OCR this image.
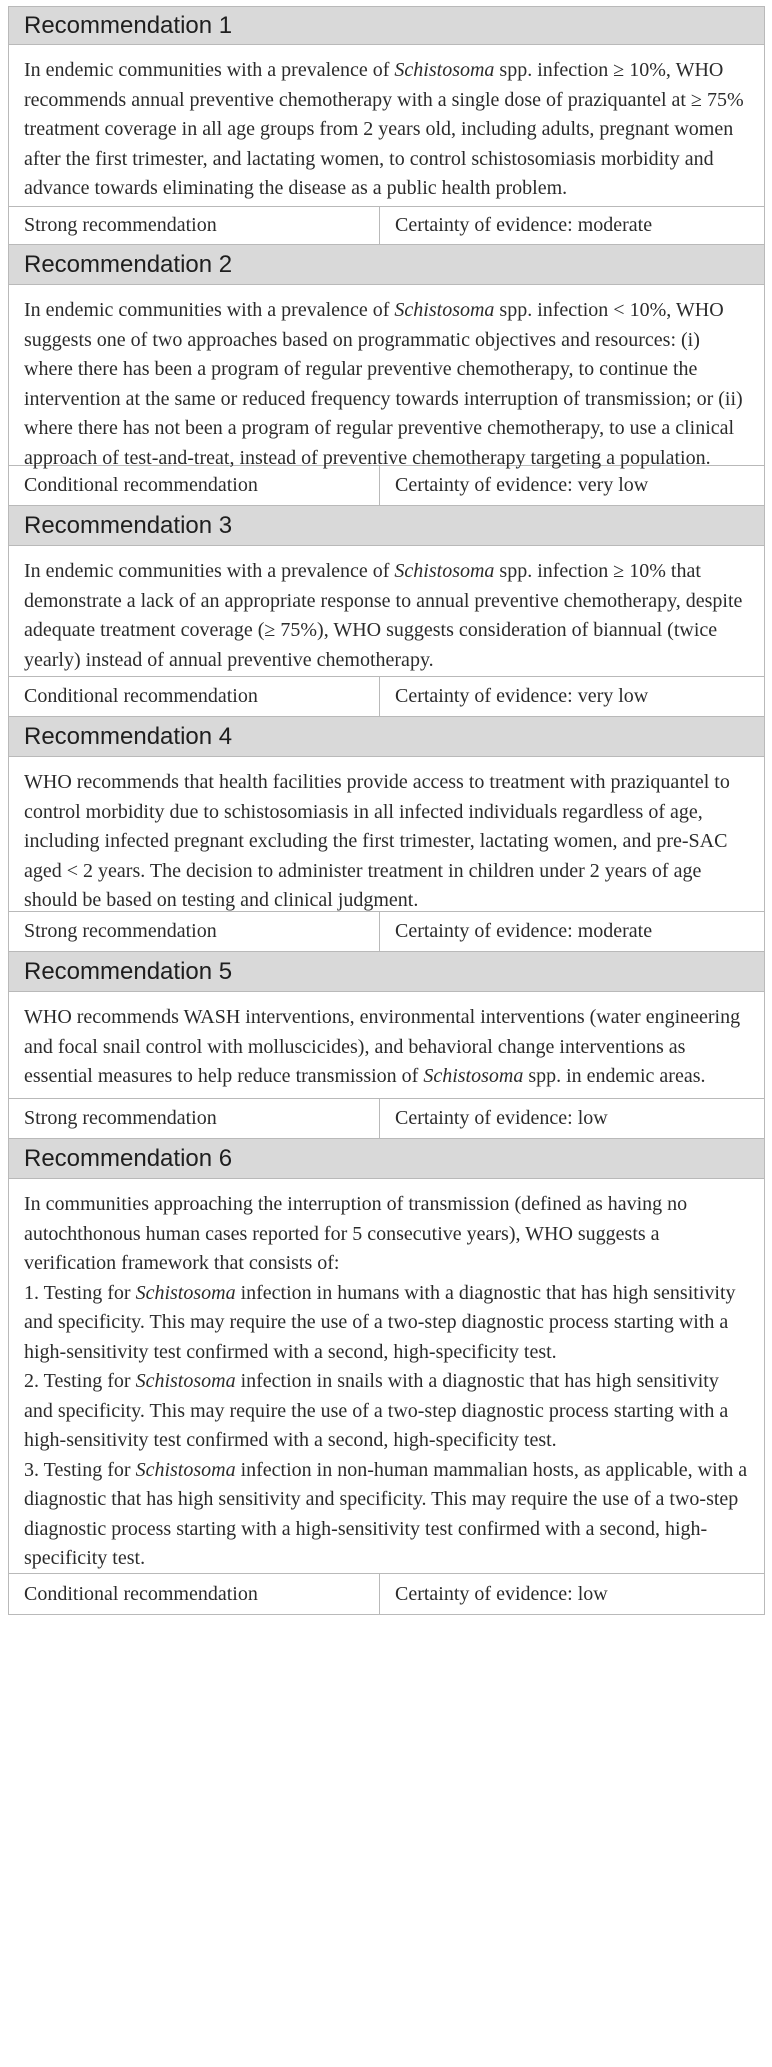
Recommendation 1

In endemic communities with a prevalence of Schistosoma spp. infection ≥ 10%, WHO recommends annual preventive chemotherapy with a single dose of praziquantel at ≥ 75% treatment coverage in all age groups from 2 years old, including adults, pregnant women after the first trimester, and lactating women, to control schistosomiasis morbidity and advance towards eliminating the disease as a public health problem.

Strong recommendation	Certainty of evidence: moderate
Recommendation 2

In endemic communities with a prevalence of Schistosoma spp. infection < 10%, WHO suggests one of two approaches based on programmatic objectives and resources: (i) where there has been a program of regular preventive chemotherapy, to continue the intervention at the same or reduced frequency towards interruption of transmission; or (ii) where there has not been a program of regular preventive chemotherapy, to use a clinical approach of test-and-treat, instead of preventive chemotherapy targeting a population.

Conditional recommendation	Certainty of evidence: very low
Recommendation 3

In endemic communities with a prevalence of Schistosoma spp. infection ≥ 10% that demonstrate a lack of an appropriate response to annual preventive chemotherapy, despite adequate treatment coverage (≥ 75%), WHO suggests consideration of biannual (twice yearly) instead of annual preventive chemotherapy.

Conditional recommendation	Certainty of evidence: very low
Recommendation 4

WHO recommends that health facilities provide access to treatment with praziquantel to control morbidity due to schistosomiasis in all infected individuals regardless of age, including infected pregnant excluding the first trimester, lactating women, and pre-SAC aged < 2 years. The decision to administer treatment in children under 2 years of age should be based on testing and clinical judgment.

Strong recommendation	Certainty of evidence: moderate
Recommendation 5

WHO recommends WASH interventions, environmental interventions (water engineering and focal snail control with molluscicides), and behavioral change interventions as essential measures to help reduce transmission of Schistosoma spp. in endemic areas.

Strong recommendation	Certainty of evidence: low
Recommendation 6

In communities approaching the interruption of transmission (defined as having no autochthonous human cases reported for 5 consecutive years), WHO suggests a verification framework that consists of:

1. Testing for Schistosoma infection in humans with a diagnostic that has high sensitivity and specificity. This may require the use of a two-step diagnostic process starting with a high-sensitivity test confirmed with a second, high-specificity test.

2. Testing for Schistosoma infection in snails with a diagnostic that has high sensitivity and specificity. This may require the use of a two-step diagnostic process starting with a high-sensitivity test confirmed with a second, high-specificity test.

3. Testing for Schistosoma infection in non-human mammalian hosts, as applicable, with a diagnostic that has high sensitivity and specificity. This may require the use of a two-step diagnostic process starting with a high-sensitivity test confirmed with a second, high-specificity test.

Conditional recommendation	Certainty of evidence: low
